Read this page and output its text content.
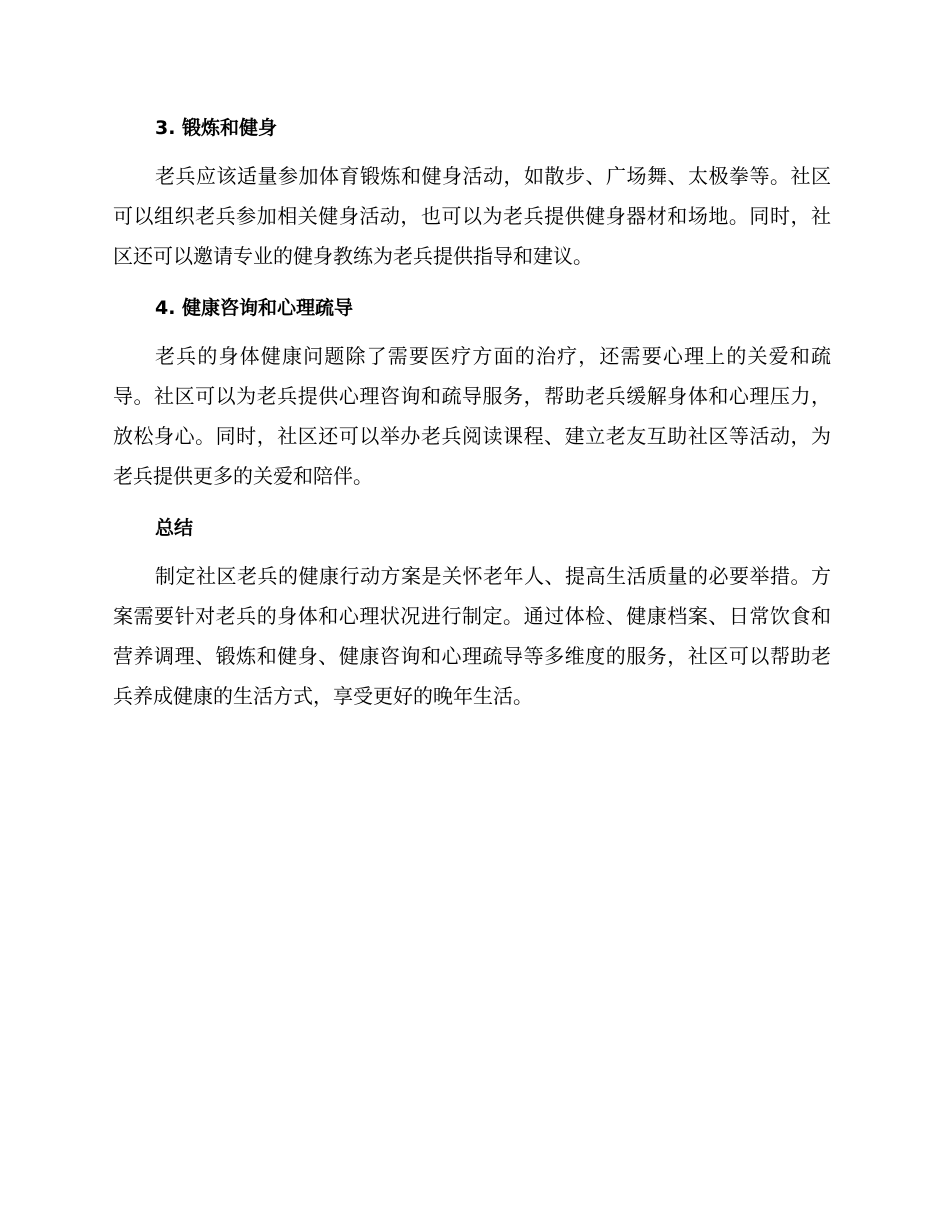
3. 锻炼和健身

老兵应该适量参加体育锻炼和健身活动，如散步、广场舞、太极拳等。社区可以组织老兵参加相关健身活动，也可以为老兵提供健身器材和场地。同时，社区还可以邀请专业的健身教练为老兵提供指导和建议。

4. 健康咨询和心理疏导

老兵的身体健康问题除了需要医疗方面的治疗，还需要心理上的关爱和疏导。社区可以为老兵提供心理咨询和疏导服务，帮助老兵缓解身体和心理压力，放松身心。同时，社区还可以举办老兵阅读课程、建立老友互助社区等活动，为老兵提供更多的关爱和陪伴。

总结

制定社区老兵的健康行动方案是关怀老年人、提高生活质量的必要举措。方案需要针对老兵的身体和心理状况进行制定。通过体检、健康档案、日常饮食和营养调理、锻炼和健身、健康咨询和心理疏导等多维度的服务，社区可以帮助老兵养成健康的生活方式，享受更好的晚年生活。
